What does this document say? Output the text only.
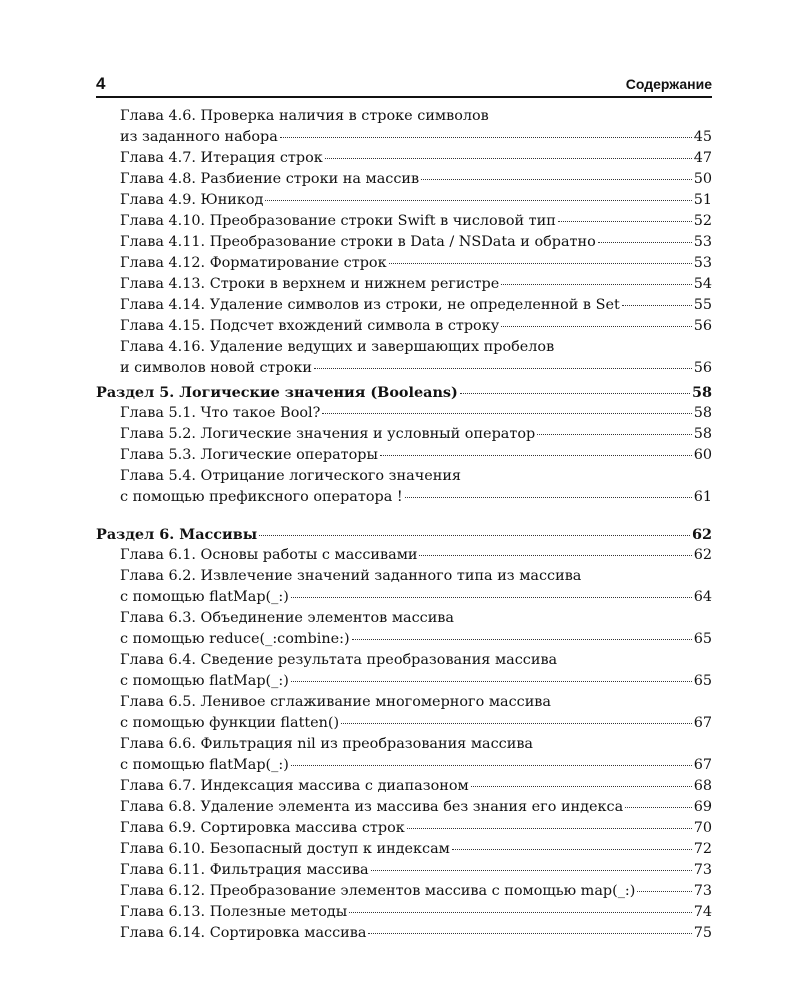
4	Содержание
Глава 4.6. Проверка наличия в строке символов
из заданного набора	45
Глава 4.7. Итерация строк	47
Глава 4.8. Разбиение строки на массив	50
Глава 4.9. Юникод	51
Глава 4.10. Преобразование строки Swift в числовой тип	52
Глава 4.11. Преобразование строки в Data / NSData и обратно	53
Глава 4.12. Форматирование строк	53
Глава 4.13. Строки в верхнем и нижнем регистре	54
Глава 4.14. Удаление символов из строки, не определенной в Set	55
Глава 4.15. Подсчет вхождений символа в строку	56
Глава 4.16. Удаление ведущих и завершающих пробелов
и символов новой строки	56
Раздел 5. Логические значения (Booleans)	58
Глава 5.1. Что такое Bool?	58
Глава 5.2. Логические значения и условный оператор	58
Глава 5.3. Логические операторы	60
Глава 5.4. Отрицание логического значения
с помощью префиксного оператора !	61
Раздел 6. Массивы	62
Глава 6.1. Основы работы с массивами	62
Глава 6.2. Извлечение значений заданного типа из массива
с помощью flatMap(_:)	64
Глава 6.3. Объединение элементов массива
с помощью reduce(_:combine:)	65
Глава 6.4. Сведение результата преобразования массива
с помощью flatMap(_:)	65
Глава 6.5. Ленивое сглаживание многомерного массива
с помощью функции flatten()	67
Глава 6.6. Фильтрация nil из преобразования массива
с помощью flatMap(_:)	67
Глава 6.7. Индексация массива с диапазоном	68
Глава 6.8. Удаление элемента из массива без знания его индекса	69
Глава 6.9. Сортировка массива строк	70
Глава 6.10. Безопасный доступ к индексам	72
Глава 6.11. Фильтрация массива	73
Глава 6.12. Преобразование элементов массива с помощью map(_:)	73
Глава 6.13. Полезные методы	74
Глава 6.14. Сортировка массива	75
